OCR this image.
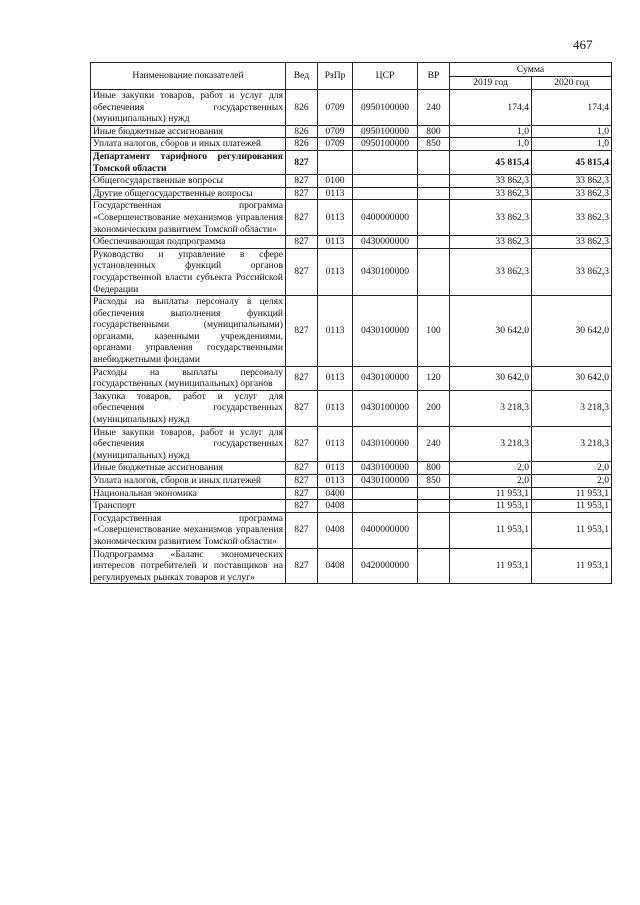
467
Наименование показателей	Вед	РзПр	ЦСР	ВР	Сумма	
					2019 год	2020 год
Иные закупки товаров, работ и услуг для обеспечения государственных (муниципальных) нужд	826	0709	0950100000	240	174,4	174,4
Иные бюджетные ассигнования	826	0709	0950100000	800	1,0	1,0
Уплата налогов, сборов и иных платежей	826	0709	0950100000	850	1,0	1,0
Департамент тарифного регулирования Томской области	827				45 815,4	45 815,4
Общегосударственные вопросы	827	0100			33 862,3	33 862,3
Другие общегосударственные вопросы	827	0113			33 862,3	33 862,3
Государственная программа «Совершенствование механизмов управления экономическим развитием Томской области»	827	0113	0400000000		33 862,3	33 862,3
Обеспечивающая подпрограмма	827	0113	0430000000		33 862,3	33 862,3
Руководство и управление в сфере установленных функций органов государственной власти субъекта Российской Федерации	827	0113	0430100000		33 862,3	33 862,3
Расходы на выплаты персоналу в целях обеспечения выполнения функций государственными (муниципальными) органами, казенными учреждениями, органами управления государственными внебюджетными фондами	827	0113	0430100000	100	30 642,0	30 642,0
Расходы на выплаты персоналу государственных (муниципальных) органов	827	0113	0430100000	120	30 642,0	30 642,0
Закупка товаров, работ и услуг для обеспечения государственных (муниципальных) нужд	827	0113	0430100000	200	3 218,3	3 218,3
Иные закупки товаров, работ и услуг для обеспечения государственных (муниципальных) нужд	827	0113	0430100000	240	3 218,3	3 218,3
Иные бюджетные ассигнования	827	0113	0430100000	800	2,0	2,0
Уплата налогов, сборов и иных платежей	827	0113	0430100000	850	2,0	2,0
Национальная экономика	827	0400			11 953,1	11 953,1
Транспорт	827	0408			11 953,1	11 953,1
Государственная программа «Совершенствование механизмов управления экономическим развитием Томской области»	827	0408	0400000000		11 953,1	11 953,1
Подпрограмма «Баланс экономических интересов потребителей и поставщиков на регулируемых рынках товаров и услуг»	827	0408	0420000000		11 953,1	11 953,1
